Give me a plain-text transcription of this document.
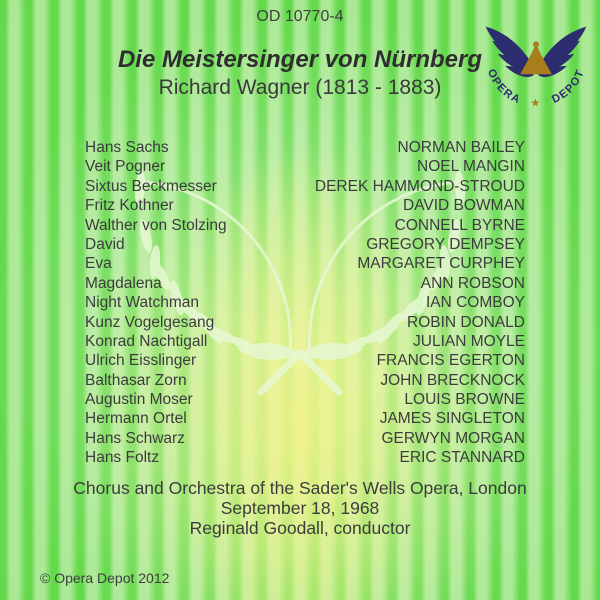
OD 10770-4
Die Meistersinger von Nürnberg
Richard Wagner (1813 - 1883)
OPERA ★ DEPOT
Hans Sachs	NORMAN BAILEY
Veit Pogner	NOEL MANGIN
Sixtus Beckmesser	DEREK HAMMOND-STROUD
Fritz Kothner	DAVID BOWMAN
Walther von Stolzing	CONNELL BYRNE
David	GREGORY DEMPSEY
Eva	MARGARET CURPHEY
Magdalena	ANN ROBSON
Night Watchman	IAN COMBOY
Kunz Vogelgesang	ROBIN DONALD
Konrad Nachtigall	JULIAN MOYLE
Ulrich Eisslinger	FRANCIS EGERTON
Balthasar Zorn	JOHN BRECKNOCK
Augustin Moser	LOUIS BROWNE
Hermann Ortel	JAMES SINGLETON
Hans Schwarz	GERWYN MORGAN
Hans Foltz	ERIC STANNARD
Chorus and Orchestra of the Sader's Wells Opera, London
September 18, 1968
Reginald Goodall, conductor
© Opera Depot 2012
